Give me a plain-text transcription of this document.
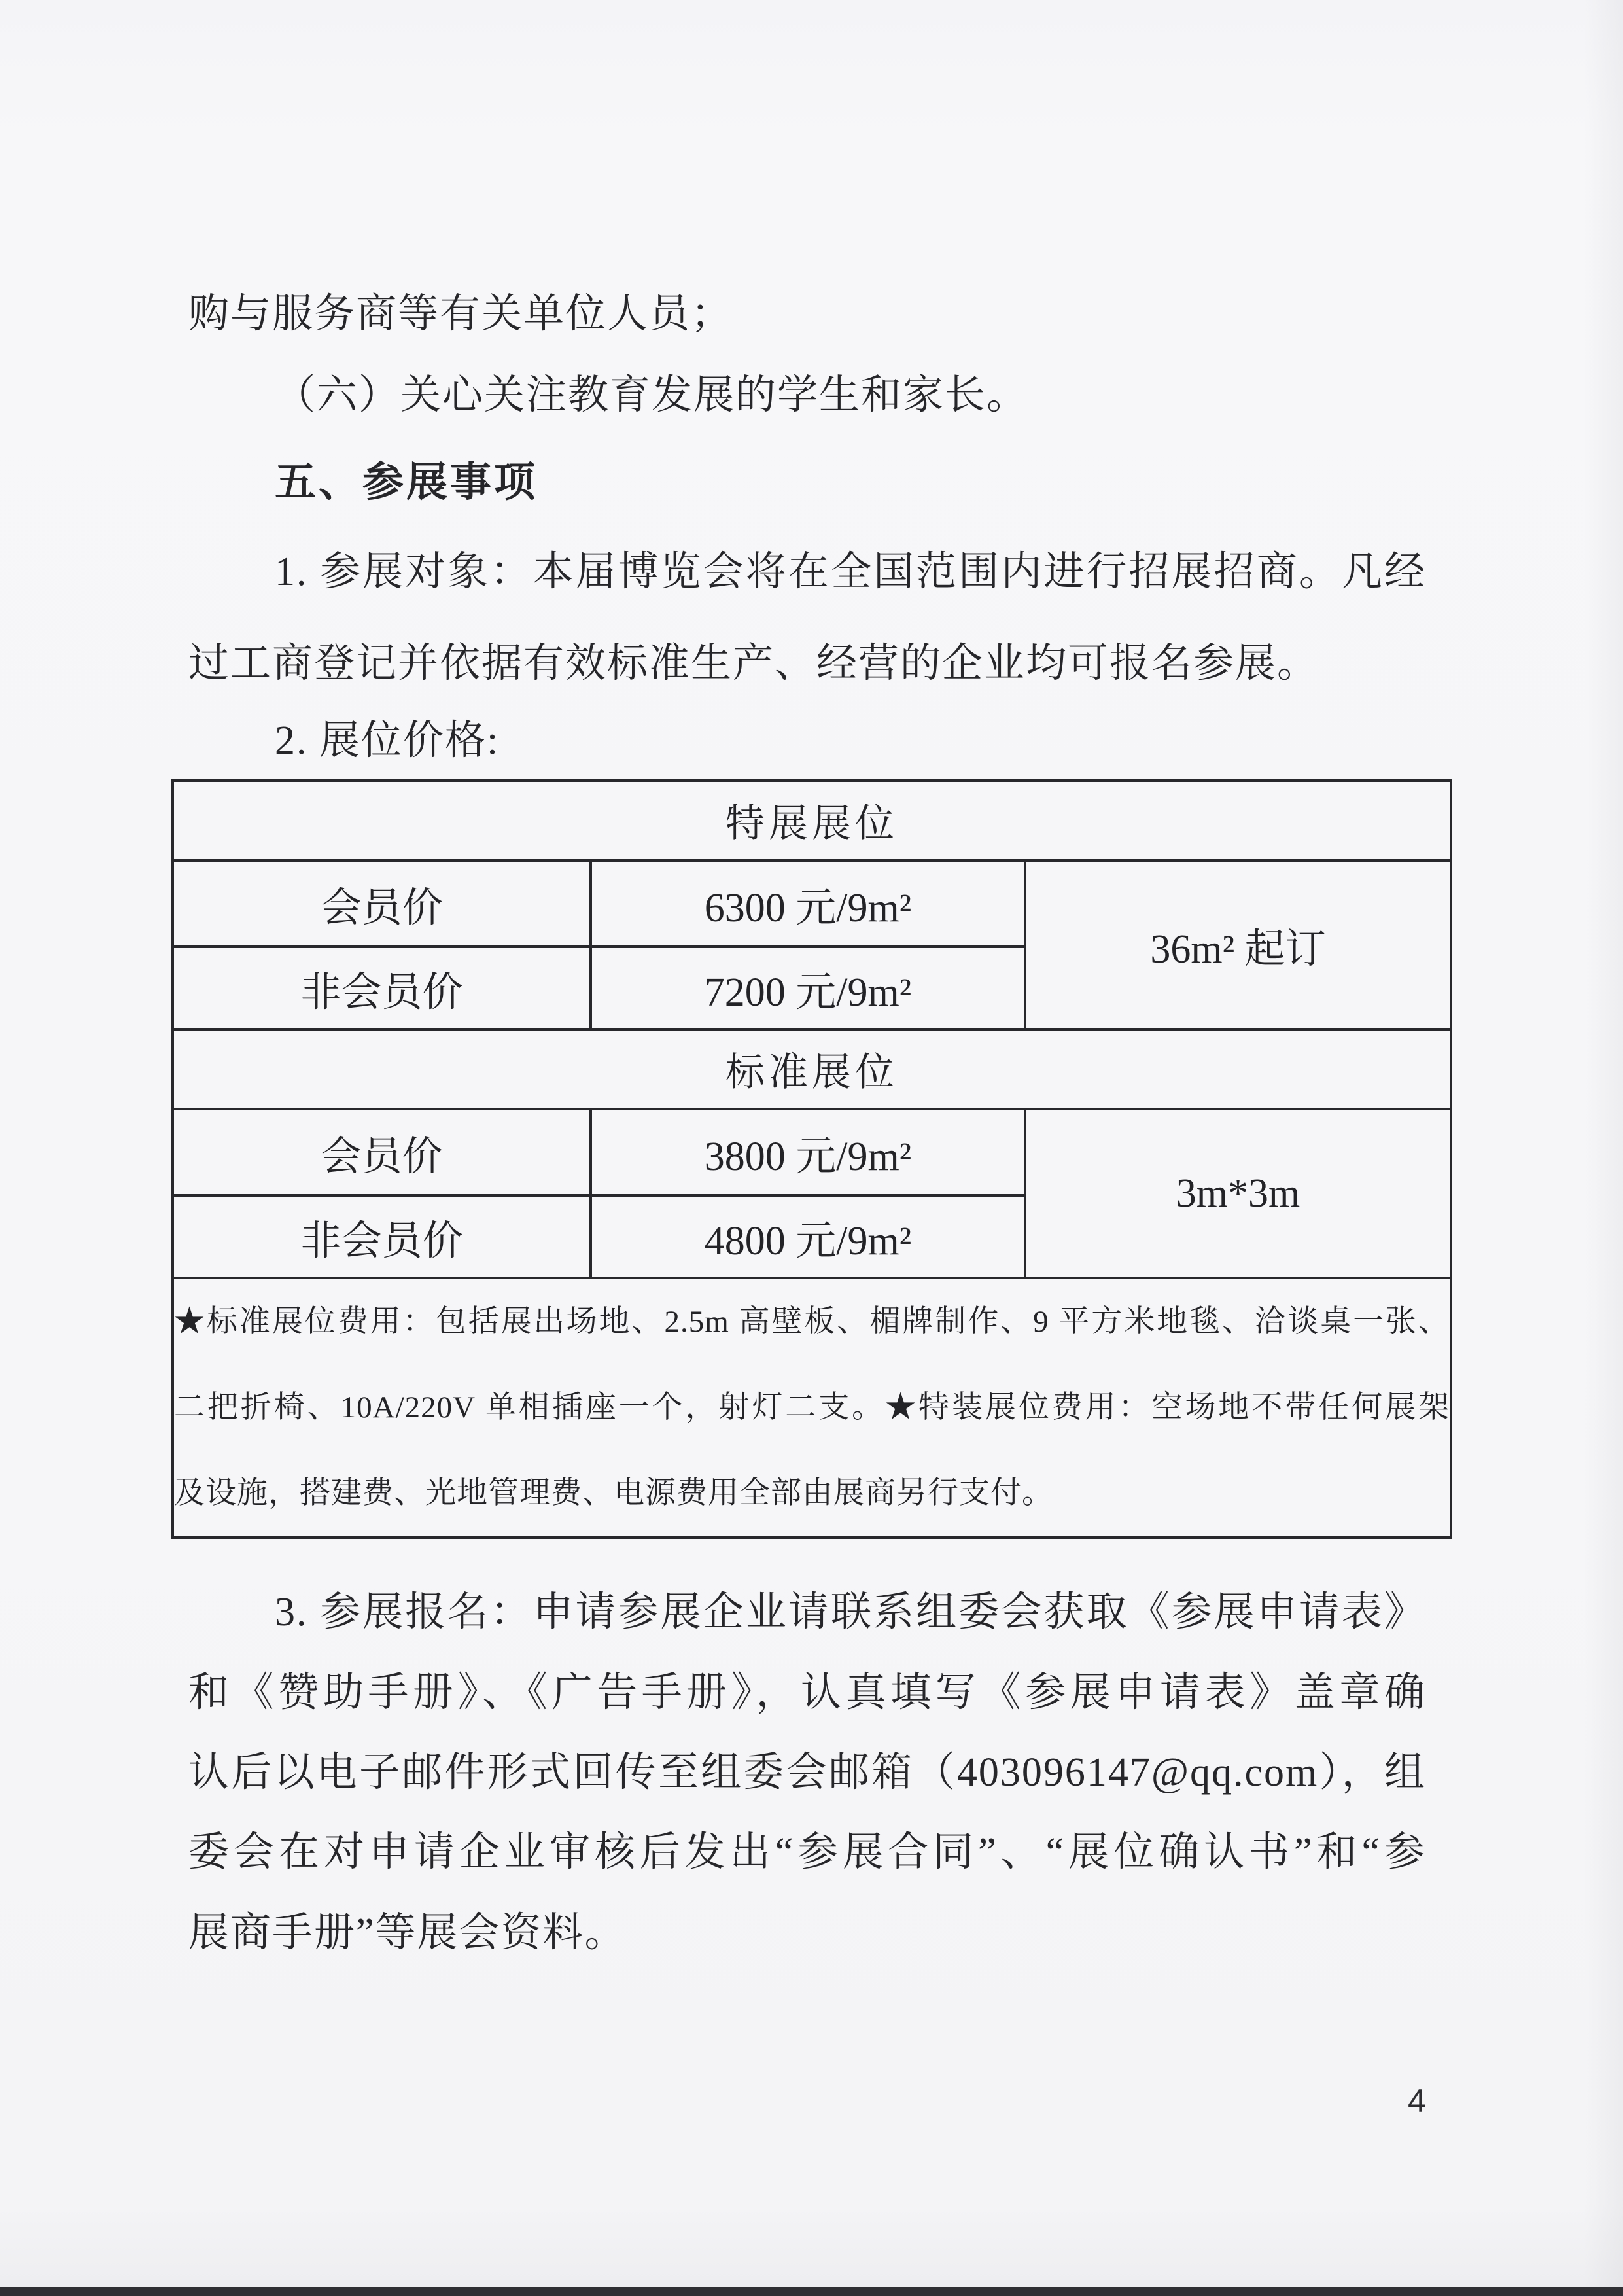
购与服务商等有关单位人员；
（六）关心关注教育发展的学生和家长。
五、参展事项
1. 参展对象：本届博览会将在全国范围内进行招展招商。凡经
过工商登记并依据有效标准生产、经营的企业均可报名参展。
2. 展位价格:
特展展位		
会员价	6300 元/9m²	36m² 起订
非会员价	7200 元/9m²	
标准展位		
会员价	3800 元/9m²	3m*3m
非会员价	4800 元/9m²	

★标准展位费用：包括展出场地、2.5m 高壁板、楣牌制作、9 平方米地毯、洽谈桌一张、
二把折椅、10A/220V 单相插座一个，射灯二支。★特装展位费用：空场地不带任何展架
及设施，搭建费、光地管理费、电源费用全部由展商另行支付。		
3. 参展报名：申请参展企业请联系组委会获取《参展申请表》
和《赞助手册》、《广告手册》，认真填写《参展申请表》盖章确
认后以电子邮件形式回传至组委会邮箱（403096147@qq.com），组
委会在对申请企业审核后发出“参展合同”、“展位确认书”和“参
展商手册”等展会资料。
4
